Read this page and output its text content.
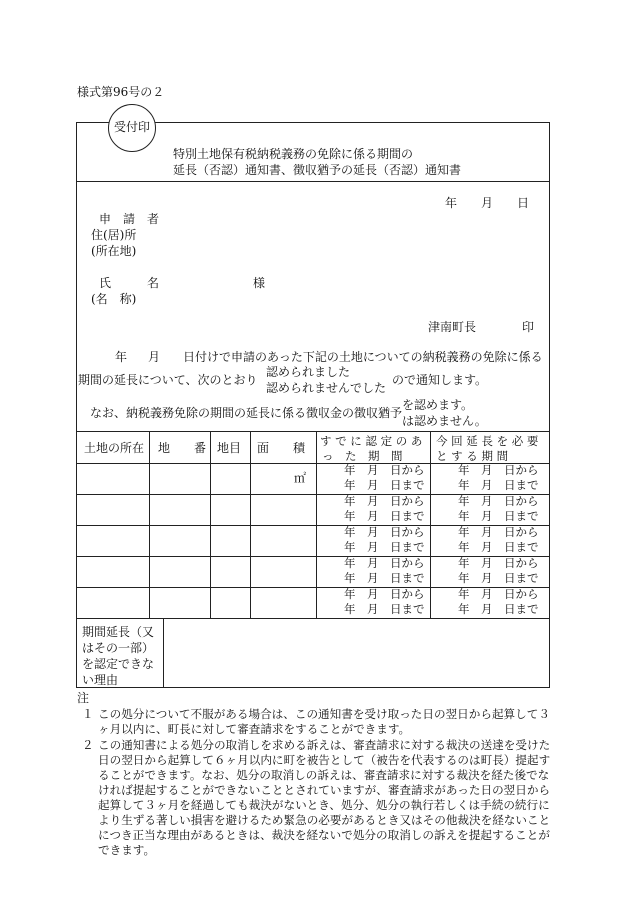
様式第96号の２
受付印
特別土地保有税納税義務の免除に係る期間の
延長（否認）通知書、徴収猶予の延長（否認）通知書
年 月 日
申　請　者
住(居)所
(所在地)
氏　　　名	様
(名　称)
津南町長	印
年 月 日付けで申請のあった下記の土地についての納税義務の免除に係る
期間の延長について、次のとおり
認められました
認められませんでした
ので通知します。
なお、納税義務免除の期間の延長に係る徴収金の徴収猶予
を認めます。
は認めません。
土地の所在 地　　番 地目 面　　積 す で に 認 定 の あ
っ　た　期　間
今 回 延 長 を 必 要
と す る 期 間
㎡
年　月　日から
年　月　日まで
年　月　日から
年　月　日まで
年　月　日から
年　月　日まで
年　月　日から
年　月　日まで
年　月　日から
年　月　日まで
年　月　日から
年　月　日まで
年　月　日から
年　月　日まで
年　月　日から
年　月　日まで
年　月　日から
年　月　日まで
年　月　日から
年　月　日まで
期間延長（又はその一部）を認定できない理由
注
１ この処分について不服がある場合は、この通知書を受け取った日の翌日から起算して３ヶ月以内に、町長に対して審査請求をすることができます。
２ この通知書による処分の取消しを求める訴えは、審査請求に対する裁決の送達を受けた日の翌日から起算して６ヶ月以内に町を被告として（被告を代表するのは町長）提起することができます。なお、処分の取消しの訴えは、審査請求に対する裁決を経た後でなければ提起することができないこととされていますが、審査請求があった日の翌日から起算して３ヶ月を経過しても裁決がないとき、処分、処分の執行若しくは手続の続行により生ずる著しい損害を避けるため緊急の必要があるとき又はその他裁決を経ないことにつき正当な理由があるときは、裁決を経ないで処分の取消しの訴えを提起することができます。
